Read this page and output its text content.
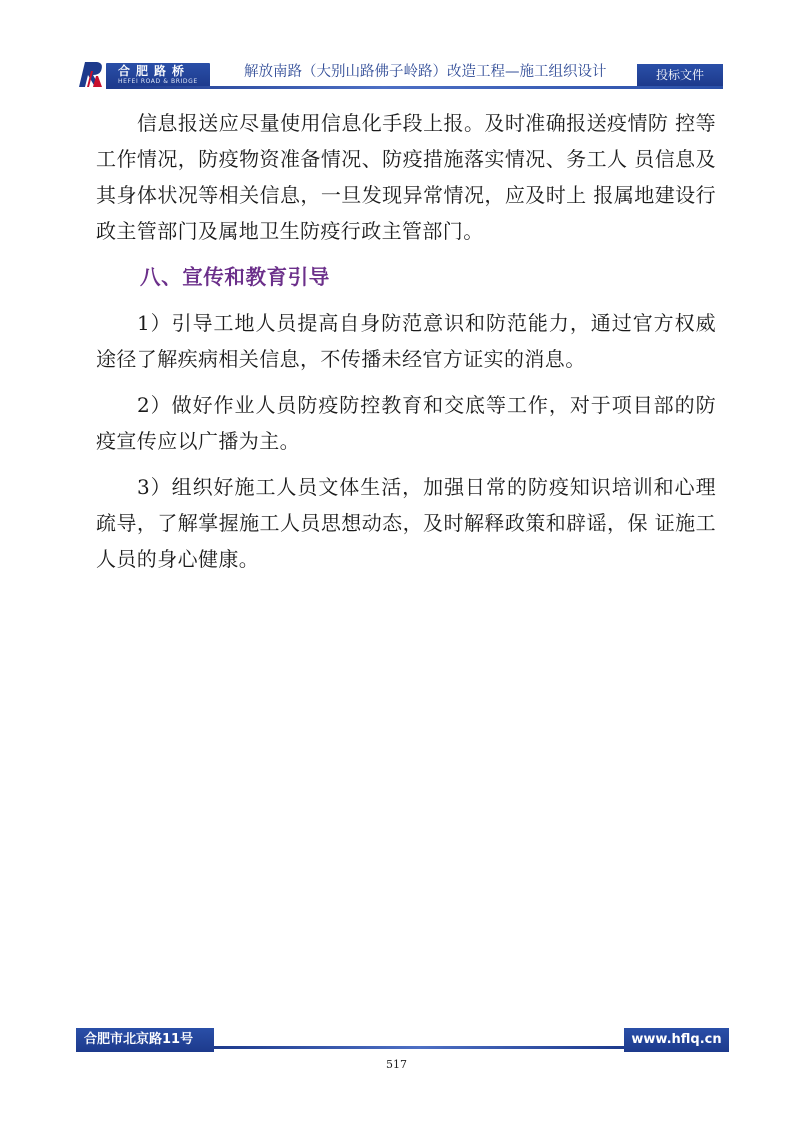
合肥路桥
HEFEI ROAD & BRIDGE
解放南路（大别山路佛子岭路）改造工程—施工组织设计	投标文件

信息报送应尽量使用信息化手段上报。及时准确报送疫情防 控等工作情况，防疫物资准备情况、防疫措施落实情况、务工人 员信息及其身体状况等相关信息，一旦发现异常情况，应及时上 报属地建设行政主管部门及属地卫生防疫行政主管部门。

八、宣传和教育引导

1）引导工地人员提高自身防范意识和防范能力，通过官方权威途径了解疾病相关信息，不传播未经官方证实的消息。

2）做好作业人员防疫防控教育和交底等工作，对于项目部的防疫宣传应以广播为主。

3）组织好施工人员文体生活，加强日常的防疫知识培训和心理疏导，了解掌握施工人员思想动态，及时解释政策和辟谣，保 证施工人员的身心健康。

合肥市北京路11号	www.hflq.cn
517
